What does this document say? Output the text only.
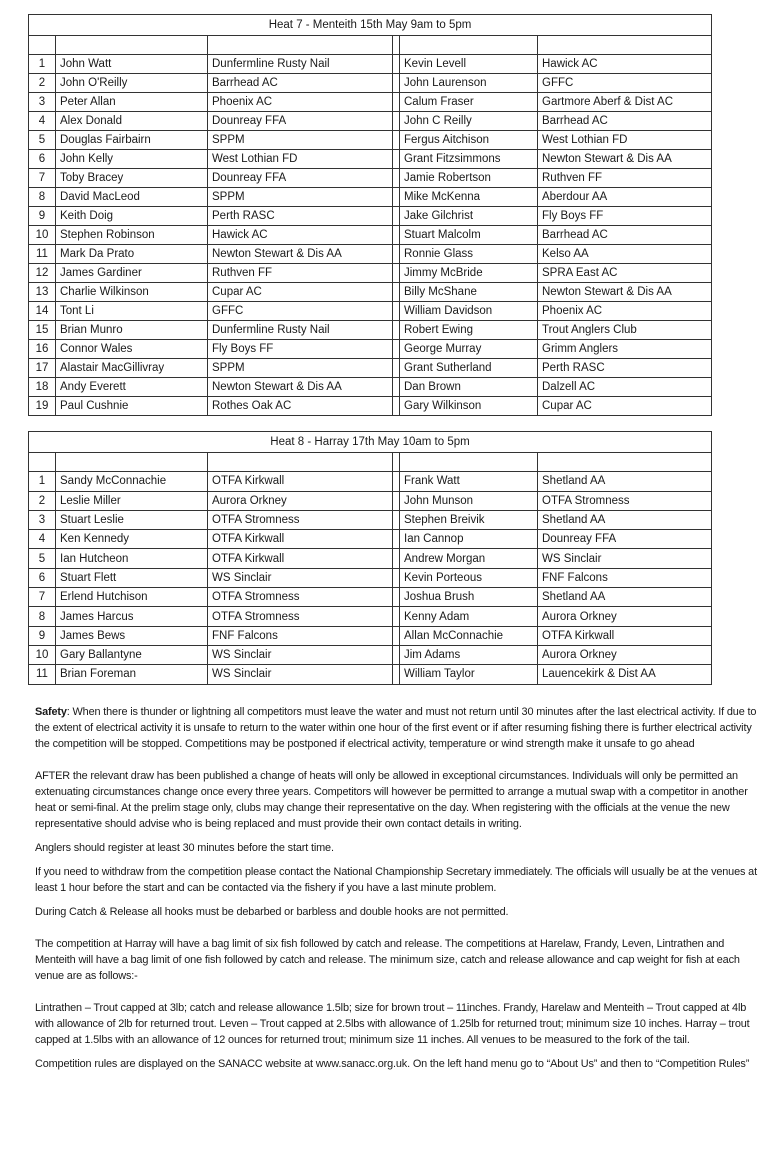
Heat 7 - Menteith 15th May 9am to 5pm					

1	John Watt	Dunfermline Rusty Nail		Kevin Levell	Hawick AC
2	John O'Reilly	Barrhead AC		John Laurenson	GFFC
3	Peter Allan	Phoenix AC		Calum Fraser	Gartmore Aberf & Dist AC
4	Alex Donald	Dounreay FFA		John C Reilly	Barrhead AC
5	Douglas Fairbairn	SPPM		Fergus Aitchison	West Lothian FD
6	John Kelly	West Lothian FD		Grant Fitzsimmons	Newton Stewart & Dis AA
7	Toby Bracey	Dounreay FFA		Jamie Robertson	Ruthven FF
8	David MacLeod	SPPM		Mike McKenna	Aberdour AA
9	Keith Doig	Perth RASC		Jake Gilchrist	Fly Boys FF
10	Stephen Robinson	Hawick AC		Stuart Malcolm	Barrhead AC
11	Mark Da Prato	Newton Stewart & Dis AA		Ronnie Glass	Kelso AA
12	James Gardiner	Ruthven FF		Jimmy McBride	SPRA East AC
13	Charlie Wilkinson	Cupar AC		Billy McShane	Newton Stewart & Dis AA
14	Tont Li	GFFC		William Davidson	Phoenix AC
15	Brian Munro	Dunfermline Rusty Nail		Robert Ewing	Trout Anglers Club
16	Connor Wales	Fly Boys FF		George Murray	Grimm Anglers
17	Alastair MacGillivray	SPPM		Grant Sutherland	Perth RASC
18	Andy Everett	Newton Stewart & Dis AA		Dan Brown	Dalzell AC
19	Paul Cushnie	Rothes Oak AC		Gary Wilkinson	Cupar AC
Heat 8 - Harray 17th May 10am to 5pm					

1	Sandy McConnachie	OTFA Kirkwall		Frank Watt	Shetland AA
2	Leslie Miller	Aurora Orkney		John Munson	OTFA Stromness
3	Stuart Leslie	OTFA Stromness		Stephen Breivik	Shetland AA
4	Ken Kennedy	OTFA Kirkwall		Ian Cannop	Dounreay FFA
5	Ian Hutcheon	OTFA Kirkwall		Andrew Morgan	WS Sinclair
6	Stuart Flett	WS Sinclair		Kevin Porteous	FNF Falcons
7	Erlend Hutchison	OTFA Stromness		Joshua Brush	Shetland AA
8	James Harcus	OTFA Stromness		Kenny Adam	Aurora Orkney
9	James Bews	FNF Falcons		Allan McConnachie	OTFA Kirkwall
10	Gary Ballantyne	WS Sinclair		Jim Adams	Aurora Orkney
11	Brian Foreman	WS Sinclair		William Taylor	Lauencekirk & Dist AA

Safety: When there is thunder or lightning all competitors must leave the water and must not return until 30 minutes after the last electrical activity. If due to the extent of electrical activity it is unsafe to return to the water within one hour of the first event or if after resuming fishing there is further electrical activity the competition will be stopped. Competitions may be postponed if electrical activity, temperature or wind strength make it unsafe to go ahead

AFTER the relevant draw has been published a change of heats will only be allowed in exceptional circumstances. Individuals will only be permitted an extenuating circumstances change once every three years. Competitors will however be permitted to arrange a mutual swap with a competitor in another heat or semi-final. At the prelim stage only, clubs may change their representative on the day. When registering with the officials at the venue the new representative should advise who is being replaced and must provide their own contact details in writing.

Anglers should register at least 30 minutes before the start time.

If you need to withdraw from the competition please contact the National Championship Secretary immediately. The officials will usually be at the venues at least 1 hour before the start and can be contacted via the fishery if you have a last minute problem.

During Catch & Release all hooks must be debarbed or barbless and double hooks are not permitted.

The competition at Harray will have a bag limit of six fish followed by catch and release. The competitions at Harelaw, Frandy, Leven, Lintrathen and Menteith will have a bag limit of one fish followed by catch and release. The minimum size, catch and release allowance and cap weight for fish at each venue are as follows:-

Lintrathen – Trout capped at 3lb; catch and release allowance 1.5lb; size for brown trout – 11inches. Frandy, Harelaw and Menteith – Trout capped at 4lb with allowance of 2lb for returned trout. Leven – Trout capped at 2.5lbs with allowance of 1.25lb for returned trout; minimum size 10 inches. Harray – trout capped at 1.5lbs with an allowance of 12 ounces for returned trout; minimum size 11 inches. All venues to be measured to the fork of the tail.

Competition rules are displayed on the SANACC website at www.sanacc.org.uk. On the left hand menu go to “About Us” and then to “Competition Rules”
